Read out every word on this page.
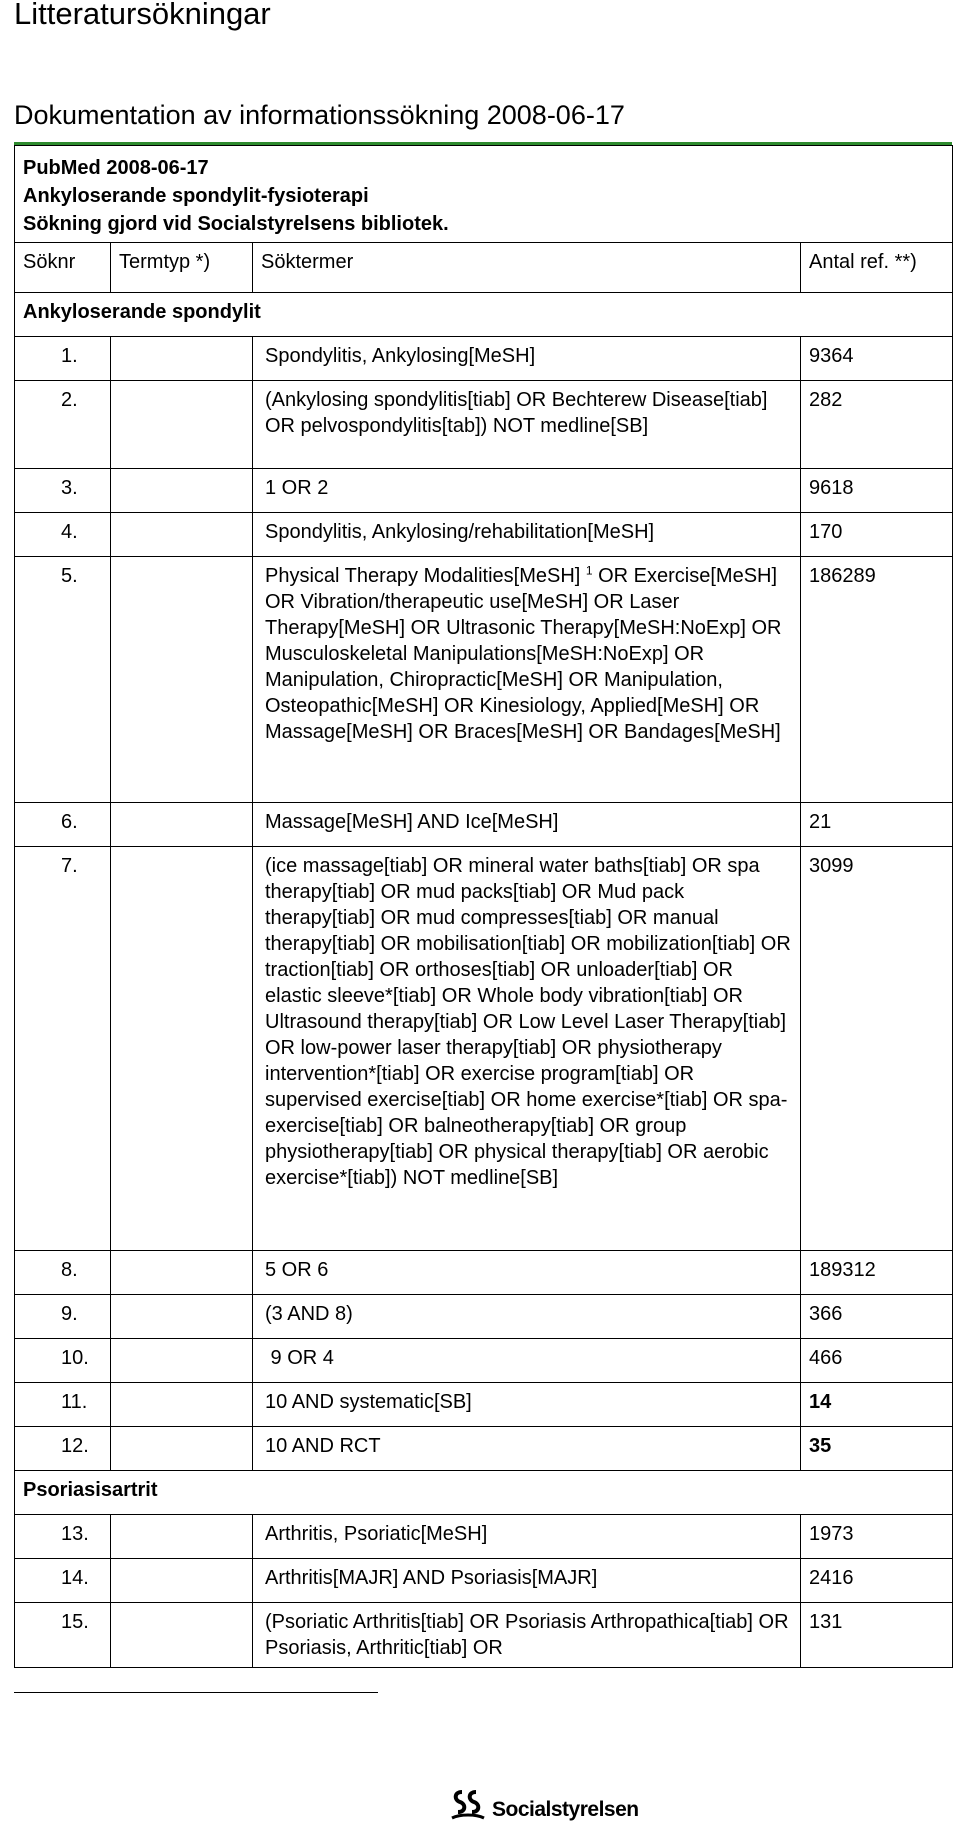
Litteratursökningar
Dokumentation av informationssökning 2008-06-17
PubMed 2008-06-17
Ankyloserande spondylit-fysioterapi
Sökning gjord vid Socialstyrelsens bibliotek.			

Söknr	Termtyp *)	Söktermer	Antal ref. **)
Ankyloserande spondylit			
1.		Spondylitis, Ankylosing[MeSH]	9364
2.		(Ankylosing spondylitis[tiab] OR Bechterew Disease[tiab] OR pelvospondylitis[tab]) NOT medline[SB]	282
3.		1 OR 2	9618
4.		Spondylitis, Ankylosing/rehabilitation[MeSH]	170
5.		Physical Therapy Modalities[MeSH] $^1$ OR Exercise[MeSH] OR Vibration/therapeutic use[MeSH] OR Laser Therapy[MeSH] OR Ultrasonic Therapy[MeSH:NoExp] OR Musculoskeletal Manipulations[MeSH:NoExp] OR Manipulation, Chiropractic[MeSH] OR Manipulation, Osteopathic[MeSH] OR Kinesiology, Applied[MeSH] OR Massage[MeSH] OR Braces[MeSH] OR Bandages[MeSH]	186289
6.		Massage[MeSH] AND Ice[MeSH]	21
7.		(ice massage[tiab] OR mineral water baths[tiab] OR spa therapy[tiab] OR mud packs[tiab] OR Mud pack therapy[tiab] OR mud compresses[tiab] OR manual therapy[tiab] OR mobilisation[tiab] OR mobilization[tiab] OR traction[tiab] OR orthoses[tiab] OR unloader[tiab] OR elastic sleeve*[tiab] OR Whole body vibration[tiab] OR Ultrasound therapy[tiab] OR Low Level Laser Therapy[tiab] OR low-power laser therapy[tiab] OR physiotherapy intervention*[tiab] OR exercise program[tiab] OR supervised exercise[tiab] OR home exercise*[tiab] OR spa-exercise[tiab] OR balneotherapy[tiab] OR group physiotherapy[tiab] OR physical therapy[tiab] OR aerobic exercise*[tiab]) NOT medline[SB]	3099
8.		5 OR 6	189312
9.		(3 AND 8)	366
10.		9 OR 4	466
11.		10 AND systematic[SB]	14
12.		10 AND RCT	35
Psoriasisartrit			
13.		Arthritis, Psoriatic[MeSH]	1973
14.		Arthritis[MAJR] AND Psoriasis[MAJR]	2416
15.		(Psoriatic Arthritis[tiab] OR Psoriasis Arthropathica[tiab] OR Psoriasis, Arthritic[tiab] OR	131
Socialstyrelsen
